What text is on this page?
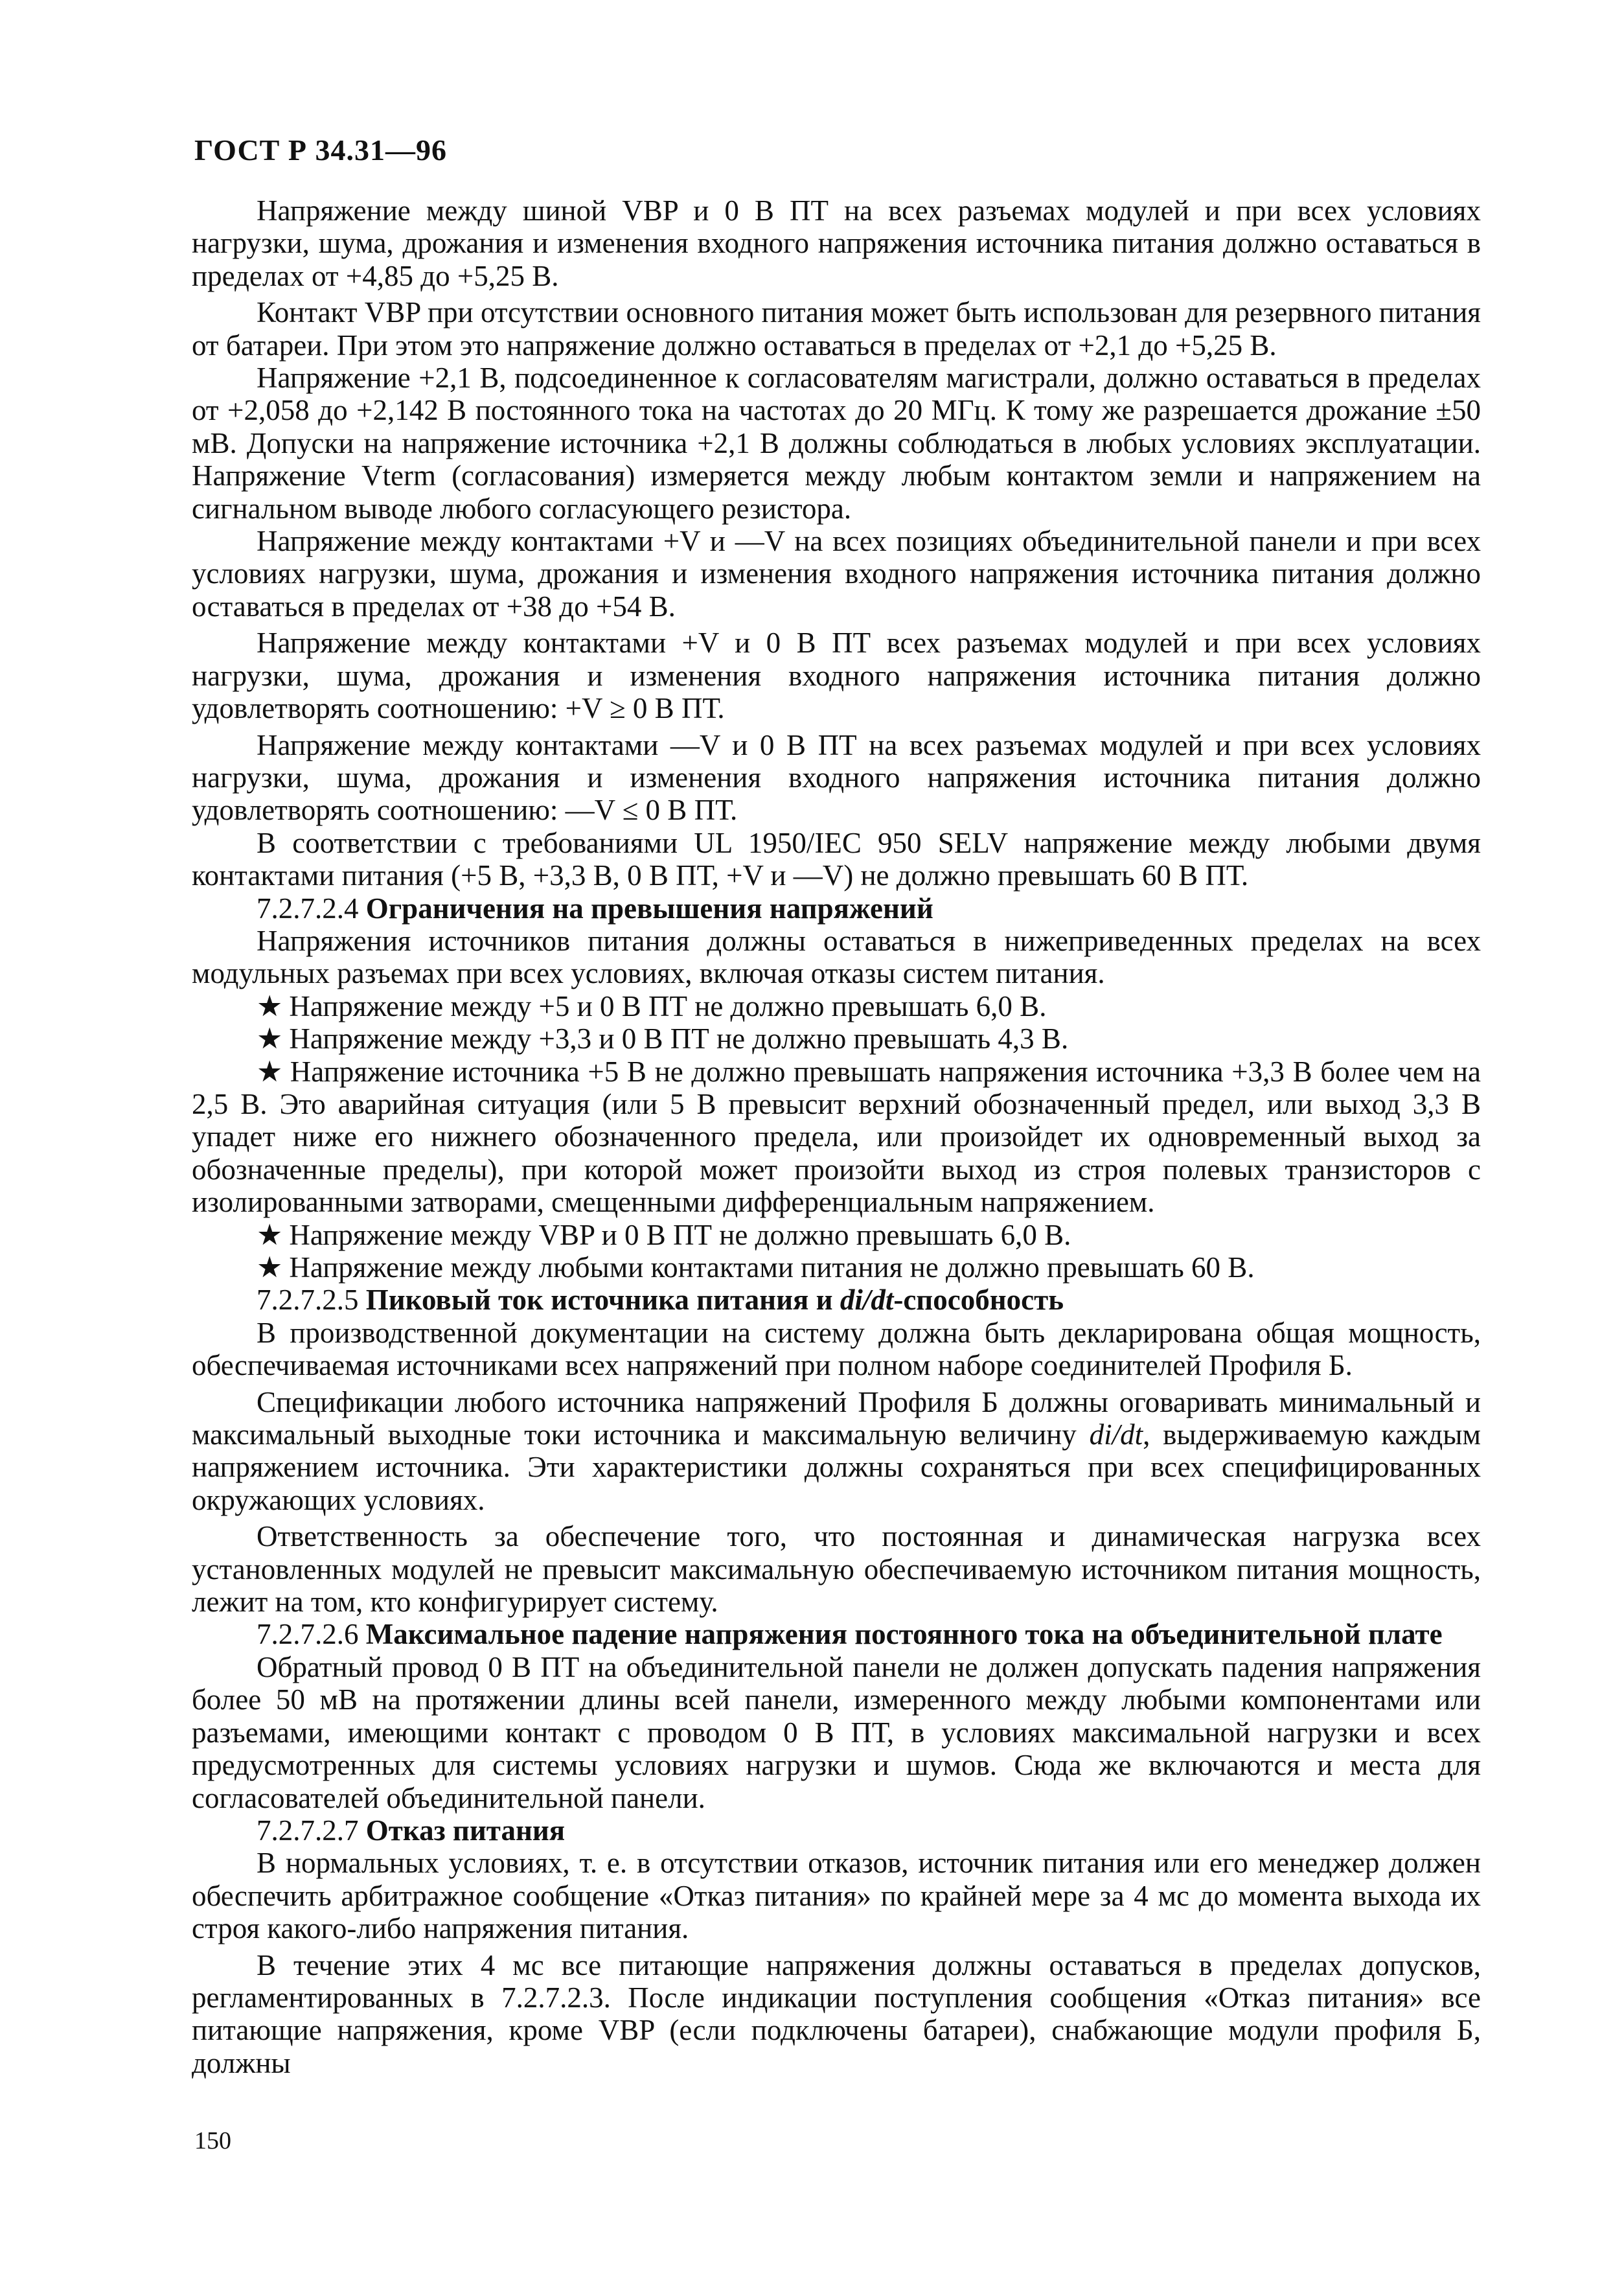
ГОСТ Р 34.31—96

Напряжение между шиной VBP и 0 В ПТ на всех разъемах модулей и при всех условиях нагрузки, шума, дрожания и изменения входного напряжения источника питания должно оставаться в пределах от +4,85 до +5,25 В.

Контакт VBP при отсутствии основного питания может быть использован для резервного питания от батареи. При этом это напряжение должно оставаться в пределах от +2,1 до +5,25 В.

Напряжение +2,1 В, подсоединенное к согласователям магистрали, должно оставаться в пределах от +2,058 до +2,142 В постоянного тока на частотах до 20 МГц. К тому же разрешается дрожание ±50 мВ. Допуски на напряжение источника +2,1 В должны соблюдаться в любых условиях эксплуатации. Напряжение Vterm (согласования) измеряется между любым контактом земли и напряжением на сигнальном выводе любого согласующего резистора.

Напряжение между контактами +V и —V на всех позициях объединительной панели и при всех условиях нагрузки, шума, дрожания и изменения входного напряжения источника питания должно оставаться в пределах от +38 до +54 В.

Напряжение между контактами +V и 0 В ПТ всех разъемах модулей и при всех условиях нагрузки, шума, дрожания и изменения входного напряжения источника питания должно удовлетворять соотношению: +V ≥ 0 В ПТ.

Напряжение между контактами —V и 0 В ПТ на всех разъемах модулей и при всех условиях нагрузки, шума, дрожания и изменения входного напряжения источника питания должно удовлетворять соотношению: —V ≤ 0 В ПТ.

В соответствии с требованиями UL 1950/IEC 950 SELV напряжение между любыми двумя контактами питания (+5 В, +3,3 В, 0 В ПТ, +V и —V) не должно превышать 60 В ПТ.

7.2.7.2.4 Ограничения на превышения напряжений

Напряжения источников питания должны оставаться в нижеприведенных пределах на всех модульных разъемах при всех условиях, включая отказы систем питания.

★ Напряжение между +5 и 0 В ПТ не должно превышать 6,0 В.

★ Напряжение между +3,3 и 0 В ПТ не должно превышать 4,3 В.

★ Напряжение источника +5 В не должно превышать напряжения источника +3,3 В более чем на 2,5 В. Это аварийная ситуация (или 5 В превысит верхний обозначенный предел, или выход 3,3 В упадет ниже его нижнего обозначенного предела, или произойдет их одновременный выход за обозначенные пределы), при которой может произойти выход из строя полевых транзисторов с изолированными затворами, смещенными дифференциальным напряжением.

★ Напряжение между VBP и 0 В ПТ не должно превышать 6,0 В.

★ Напряжение между любыми контактами питания не должно превышать 60 В.

7.2.7.2.5 Пиковый ток источника питания и di/dt-способность

В производственной документации на систему должна быть декларирована общая мощность, обеспечиваемая источниками всех напряжений при полном наборе соединителей Профиля Б.

Спецификации любого источника напряжений Профиля Б должны оговаривать минимальный и максимальный выходные токи источника и максимальную величину di/dt, выдерживаемую каждым напряжением источника. Эти характеристики должны сохраняться при всех специфицированных окружающих условиях.

Ответственность за обеспечение того, что постоянная и динамическая нагрузка всех установленных модулей не превысит максимальную обеспечиваемую источником питания мощность, лежит на том, кто конфигурирует систему.

7.2.7.2.6 Максимальное падение напряжения постоянного тока на объединительной плате

Обратный провод 0 В ПТ на объединительной панели не должен допускать падения напряжения более 50 мВ на протяжении длины всей панели, измеренного между любыми компонентами или разъемами, имеющими контакт с проводом 0 В ПТ, в условиях максимальной нагрузки и всех предусмотренных для системы условиях нагрузки и шумов. Сюда же включаются и места для согласователей объединительной панели.

7.2.7.2.7 Отказ питания

В нормальных условиях, т. е. в отсутствии отказов, источник питания или его менеджер должен обеспечить арбитражное сообщение «Отказ питания» по крайней мере за 4 мс до момента выхода их строя какого-либо напряжения питания.

В течение этих 4 мс все питающие напряжения должны оставаться в пределах допусков, регламентированных в 7.2.7.2.3. После индикации поступления сообщения «Отказ питания» все питающие напряжения, кроме VBP (если подключены батареи), снабжающие модули профиля Б, должны

150
